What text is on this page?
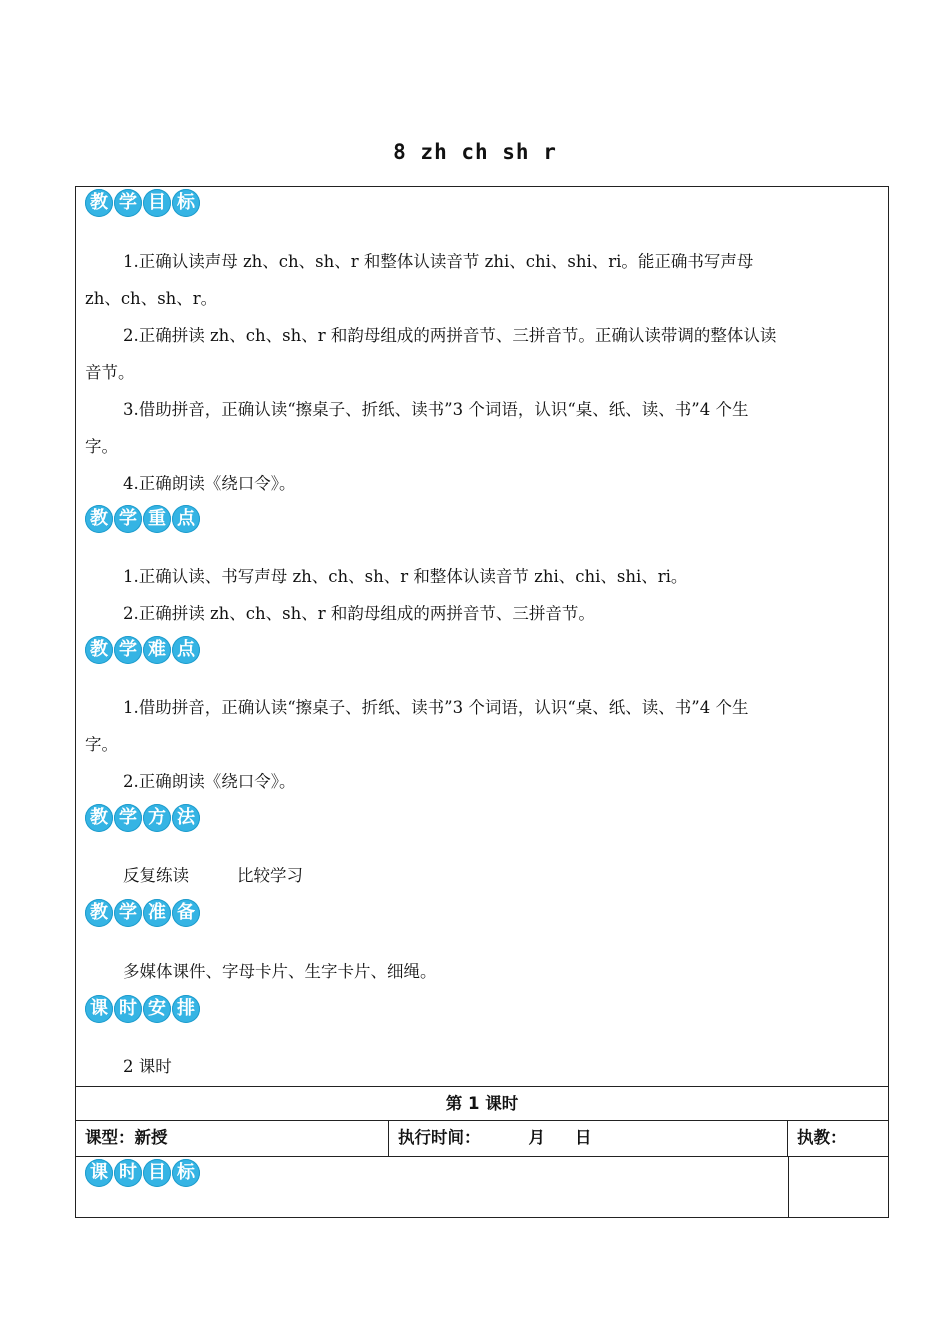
8 zh ch sh r
教 学 目 标
1.正确认读声母 zh、ch、sh、r 和整体认读音节 zhi、chi、shi、ri。能正确书写声母
zh、ch、sh、r。
2.正确拼读 zh、ch、sh、r 和韵母组成的两拼音节、三拼音节。正确认读带调的整体认读
音节。
3.借助拼音，正确认读“擦桌子、折纸、读书”3 个词语，认识“桌、纸、读、书”4 个生
字。
4.正确朗读《绕口令》。
教 学 重 点
1.正确认读、书写声母 zh、ch、sh、r 和整体认读音节 zhi、chi、shi、ri。
2.正确拼读 zh、ch、sh、r 和韵母组成的两拼音节、三拼音节。
教 学 难 点
1.借助拼音，正确认读“擦桌子、折纸、读书”3 个词语，认识“桌、纸、读、书”4 个生
字。
2.正确朗读《绕口令》。
教 学 方 法
反复练读	比较学习
教 学 准 备
多媒体课件、字母卡片、生字卡片、细绳。
课 时 安 排
2 课时
第 1 课时
课型：新授	执行时间：	月 日	执教：
课 时 目 标
